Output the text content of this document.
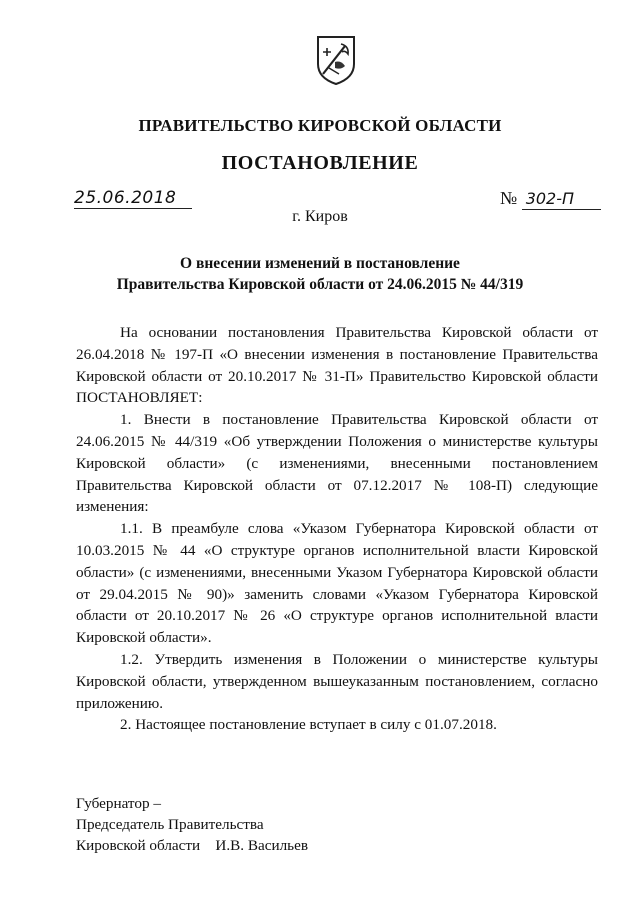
ПРАВИТЕЛЬСТВО КИРОВСКОЙ ОБЛАСТИ
ПОСТАНОВЛЕНИЕ
25.06.2018	№ 302-П
г. Киров
О внесении изменений в постановление
Правительства Кировской области от 24.06.2015 № 44/319

На основании постановления Правительства Кировской области от 26.04.2018 № 197-П «О внесении изменения в постановление Правительства Кировской области от 20.10.2017 № 31-П» Правительство Кировской области ПОСТАНОВЛЯЕТ:

1. Внести в постановление Правительства Кировской области от 24.06.2015 № 44/319 «Об утверждении Положения о министерстве культуры Кировской области» (с изменениями, внесенными постановлением Правительства Кировской области от 07.12.2017 № 108-П) следующие изменения:

1.1. В преамбуле слова «Указом Губернатора Кировской области от 10.03.2015 № 44 «О структуре органов исполнительной власти Кировской области» (с изменениями, внесенными Указом Губернатора Кировской области от 29.04.2015 № 90)» заменить словами «Указом Губернатора Кировской области от 20.10.2017 № 26 «О структуре органов исполнительной власти Кировской области».

1.2. Утвердить изменения в Положении о министерстве культуры Кировской области, утвержденном вышеуказанным постановлением, согласно приложению.

2. Настоящее постановление вступает в силу с 01.07.2018.

Губернатор –
Председатель Правительства
Кировской области    И.В. Васильев
